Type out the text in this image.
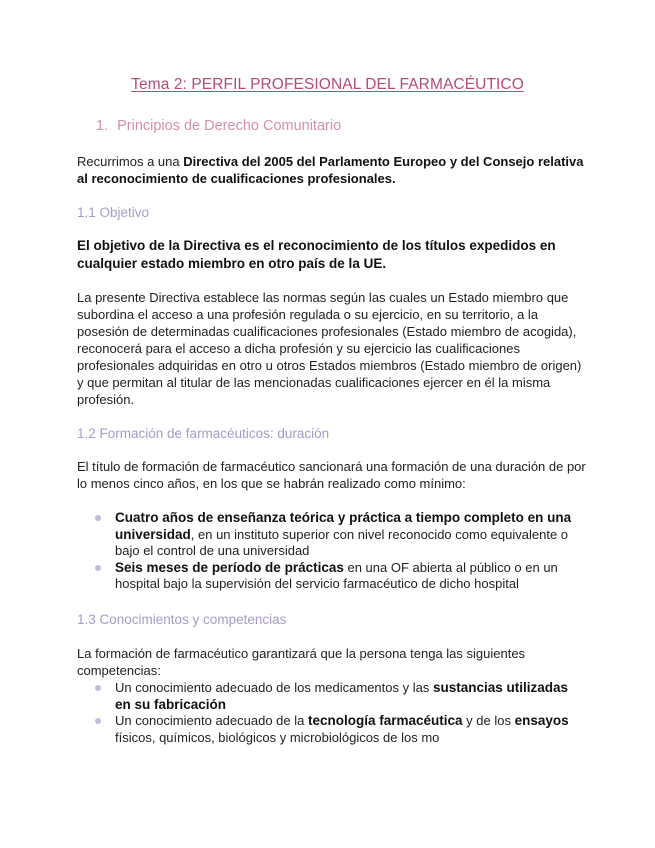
Tema 2: PERFIL PROFESIONAL DEL FARMACÉUTICO
1. Principios de Derecho Comunitario
Recurrimos a una Directiva del 2005 del Parlamento Europeo y del Consejo relativa al reconocimiento de cualificaciones profesionales.
1.1 Objetivo
El objetivo de la Directiva es el reconocimiento de los títulos expedidos en cualquier estado miembro en otro país de la UE.
La presente Directiva establece las normas según las cuales un Estado miembro que subordina el acceso a una profesión regulada o su ejercicio, en su territorio, a la posesión de determinadas cualificaciones profesionales (Estado miembro de acogida), reconocerá para el acceso a dicha profesión y su ejercicio las cualificaciones profesionales adquiridas en otro u otros Estados miembros (Estado miembro de origen) y que permitan al titular de las mencionadas cualificaciones ejercer en él la misma profesión.
1.2 Formación de farmacéuticos: duración
El título de formación de farmacéutico sancionará una formación de una duración de por lo menos cinco años, en los que se habrán realizado como mínimo:
Cuatro años de enseñanza teórica y práctica a tiempo completo en una universidad, en un instituto superior con nivel reconocido como equivalente o bajo el control de una universidad
Seis meses de período de prácticas en una OF abierta al público o en un hospital bajo la supervisión del servicio farmacéutico de dicho hospital
1.3 Conocimientos y competencias
La formación de farmacéutico garantizará que la persona tenga las siguientes competencias:
Un conocimiento adecuado de los medicamentos y las sustancias utilizadas en su fabricación
Un conocimiento adecuado de la tecnología farmacéutica y de los ensayos físicos, químicos, biológicos y microbiológicos de los mo
